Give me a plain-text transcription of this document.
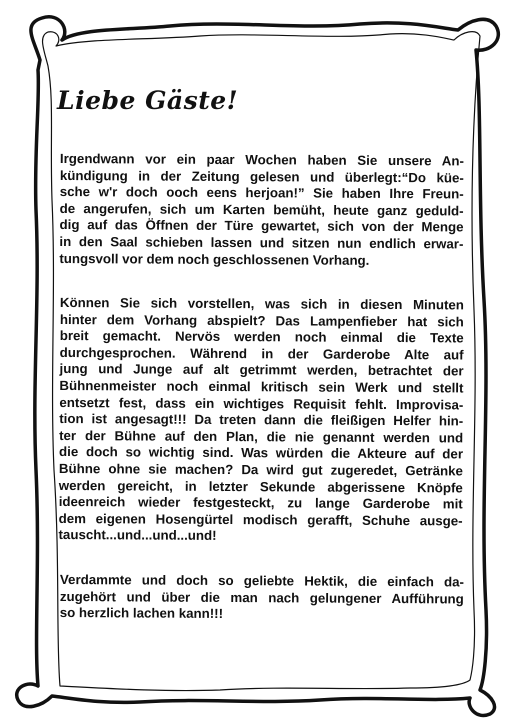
Liebe Gäste!
Irgendwann vor ein paar Wochen haben Sie unsere An-
kündigung in der Zeitung gelesen und überlegt:“Do küe-
sche w'r doch ooch eens herjoan!” Sie haben Ihre Freun-
de angerufen, sich um Karten bemüht, heute ganz geduld-
dig auf das Öffnen der Türe gewartet, sich von der Menge
in den Saal schieben lassen und sitzen nun endlich erwar-
tungsvoll vor dem noch geschlossenen Vorhang.
Können Sie sich vorstellen, was sich in diesen Minuten
hinter dem Vorhang abspielt? Das Lampenfieber hat sich
breit gemacht. Nervös werden noch einmal die Texte
durchgesprochen. Während in der Garderobe Alte auf
jung und Junge auf alt getrimmt werden, betrachtet der
Bühnenmeister noch einmal kritisch sein Werk und stellt
entsetzt fest, dass ein wichtiges Requisit fehlt. Improvisa-
tion ist angesagt!!! Da treten dann die fleißigen Helfer hin-
ter der Bühne auf den Plan, die nie genannt werden und
die doch so wichtig sind. Was würden die Akteure auf der
Bühne ohne sie machen? Da wird gut zugeredet, Getränke
werden gereicht, in letzter Sekunde abgerissene Knöpfe
ideenreich wieder festgesteckt, zu lange Garderobe mit
dem eigenen Hosengürtel modisch gerafft, Schuhe ausge-
tauscht...und...und...und!
Verdammte und doch so geliebte Hektik, die einfach da-
zugehört und über die man nach gelungener Aufführung
so herzlich lachen kann!!!
